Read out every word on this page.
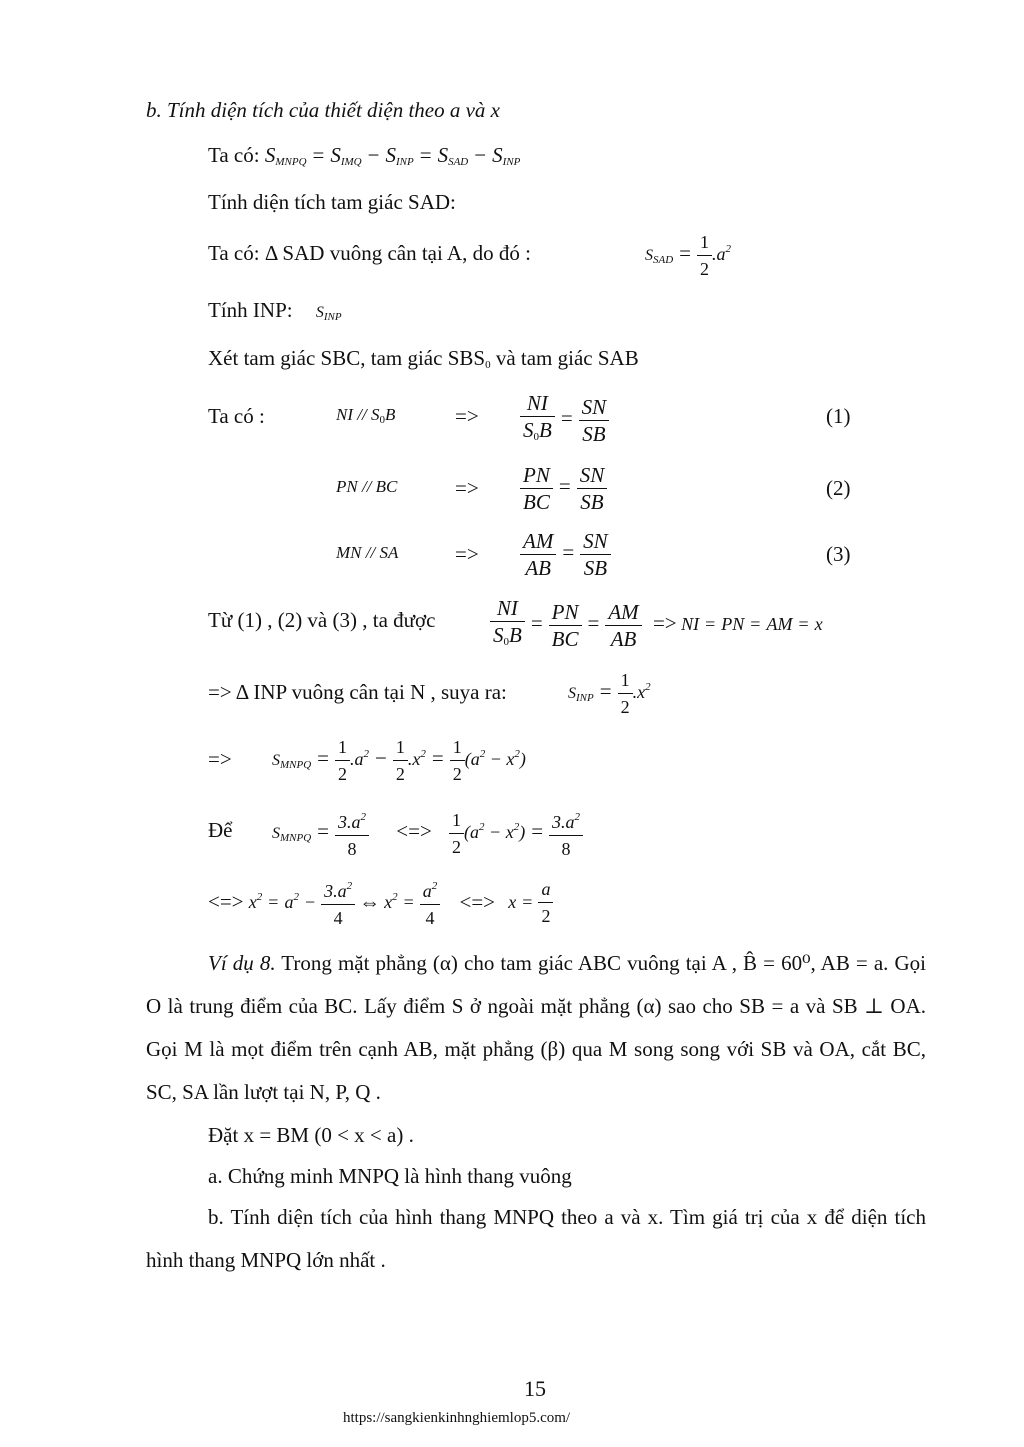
b. Tính diện tích của thiết diện theo a và x
Ta có: $S_{MNPQ} = S_{IMQ} - S_{INP} = S_{SAD} - S_{INP}$
Tính diện tích tam giác SAD:
Ta có: Δ SAD vuông cân tại A, do đó :	$S_{SAD} = \frac{1}{2} .a^2$
Tính INP: $S_{INP}$
Xét tam giác SBC, tam giác $SBS_0$ và tam giác SAB
Ta có :	NI // $S_0B$	=> $\frac{NI}{S_0B} = \frac{SN}{SB}$	(1)
PN // BC	=> $\frac{PN}{BC} = \frac{SN}{SB}$	(2)
MN // SA	=> $\frac{AM}{AB} = \frac{SN}{SB}$	(3)
Từ (1) , (2) và (3) , ta được	$\frac{NI}{S_0B} = \frac{PN}{BC} = \frac{AM}{AB}$ => NI = PN = AM = x
=> Δ INP vuông cân tại N , suya ra:	$S_{INP} = \frac{1}{2} .x^2$
=>	$S_{MNPQ} = \frac{1}{2} .a^2 - \frac{1}{2} .x^2 = \frac{1}{2} (a^2 - x^2)$
Để $S_{MNPQ} = \frac{3.a^2}{8}$ <=> $\frac{1}{2} (a^2 - x^2) = \frac{3.a^2}{8}$
<=> $x^2 = a^2 - \frac{3.a^2}{4}$ ⇔ $x^2 = \frac{a^2}{4}$ <=> $x = \frac{a}{2}$
Ví dụ 8. Trong mặt phẳng (α) cho tam giác ABC vuông tại A , B̂ = 60⁰, AB = a. Gọi O là trung điểm của BC. Lấy điểm S ở ngoài mặt phẳng (α) sao cho SB = a và SB ⊥ OA. Gọi M là mọt điểm trên cạnh AB, mặt phẳng (β) qua M song song với SB và OA, cắt BC, SC, SA lần lượt tại N, P, Q .
Đặt x = BM (0 < x < a) .
a. Chứng minh MNPQ là hình thang vuông
b. Tính diện tích của hình thang MNPQ theo a và x. Tìm giá trị của x để diện tích hình thang MNPQ lớn nhất .
15
https://sangkienkinhnghiemlop5.com/
